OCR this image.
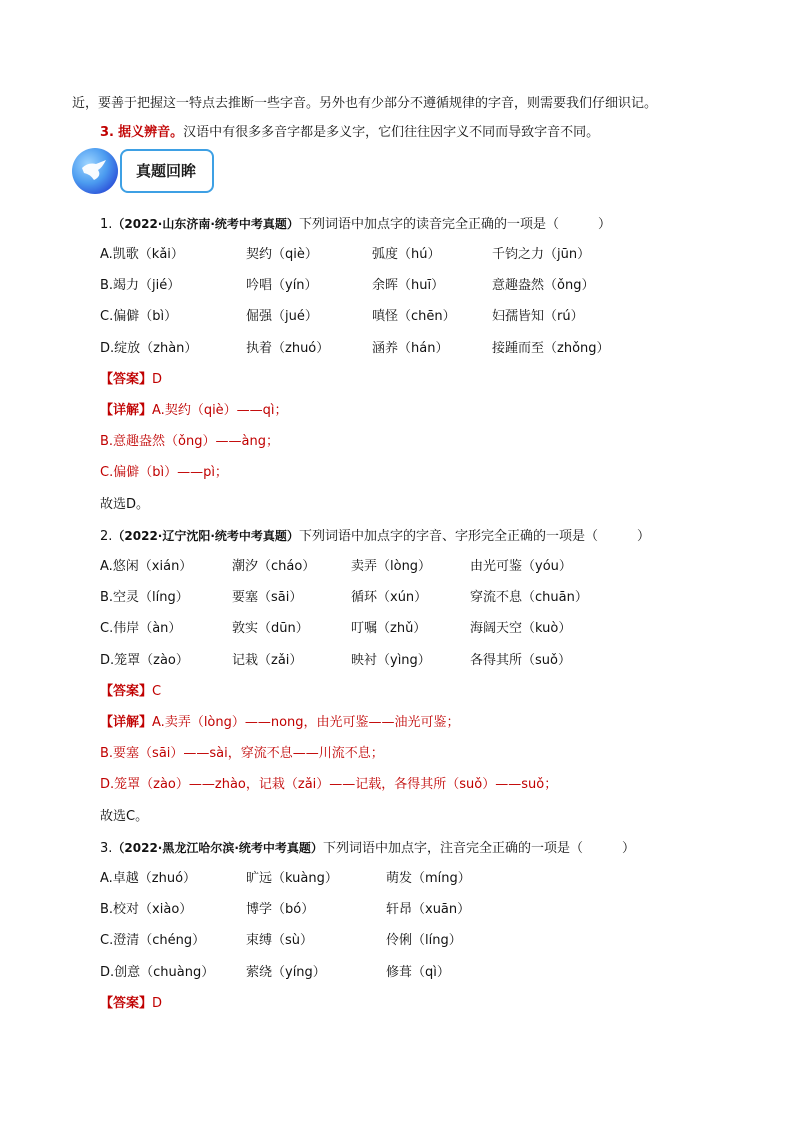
近，要善于把握这一特点去推断一些字音。另外也有少部分不遵循规律的字音，则需要我们仔细识记。
3. 据义辨音。汉语中有很多多音字都是多义字，它们往往因字义不同而导致字音不同。
真题回眸
1.（2022·山东济南·统考中考真题）下列词语中加点字的读音完全正确的一项是（　　　）
A.凯歌（kǎi）	契约（qiè）	弧度（hú）	千钧之力（jūn）
B.竭力（jié）	吟唱（yín）	余晖（huī）	意趣盎然（ǒng）
C.偏僻（bì）	倔强（jué）	嗔怪（chēn）	妇孺皆知（rú）
D.绽放（zhàn）	执着（zhuó）	涵养（hán）	接踵而至（zhǒng）
【答案】D
【详解】A.契约（qiè）——qì；
B.意趣盎然（ǒng）——àng；
C.偏僻（bì）——pì；
故选D。
2.（2022·辽宁沈阳·统考中考真题）下列词语中加点字的字音、字形完全正确的一项是（　　　）
A.悠闲（xián）	潮汐（cháo）	卖弄（lòng）	由光可鉴（yóu）
B.空灵（líng）	要塞（sāi）	循环（xún）	穿流不息（chuān）
C.伟岸（àn）	敦实（dūn）	叮嘱（zhǔ）	海阔天空（kuò）
D.笼罩（zào）	记栽（zǎi）	映衬（yìng）	各得其所（suǒ）
【答案】C
【详解】A.卖弄（lòng）——nong，由光可鉴——油光可鉴；
B.要塞（sāi）——sài，穿流不息——川流不息；
D.笼罩（zào）——zhào，记栽（zǎi）——记载，各得其所（suǒ）——suǒ；
故选C。
3.（2022·黑龙江哈尔滨·统考中考真题）下列词语中加点字，注音完全正确的一项是（　　　）
A.卓越（zhuó）	旷远（kuàng）	萌发（míng）
B.校对（xiào）	博学（bó）	轩昂（xuān）
C.澄清（chéng）	束缚（sù）	伶俐（líng）
D.创意（chuàng） 萦绕（yíng）	修葺（qì）
【答案】D
